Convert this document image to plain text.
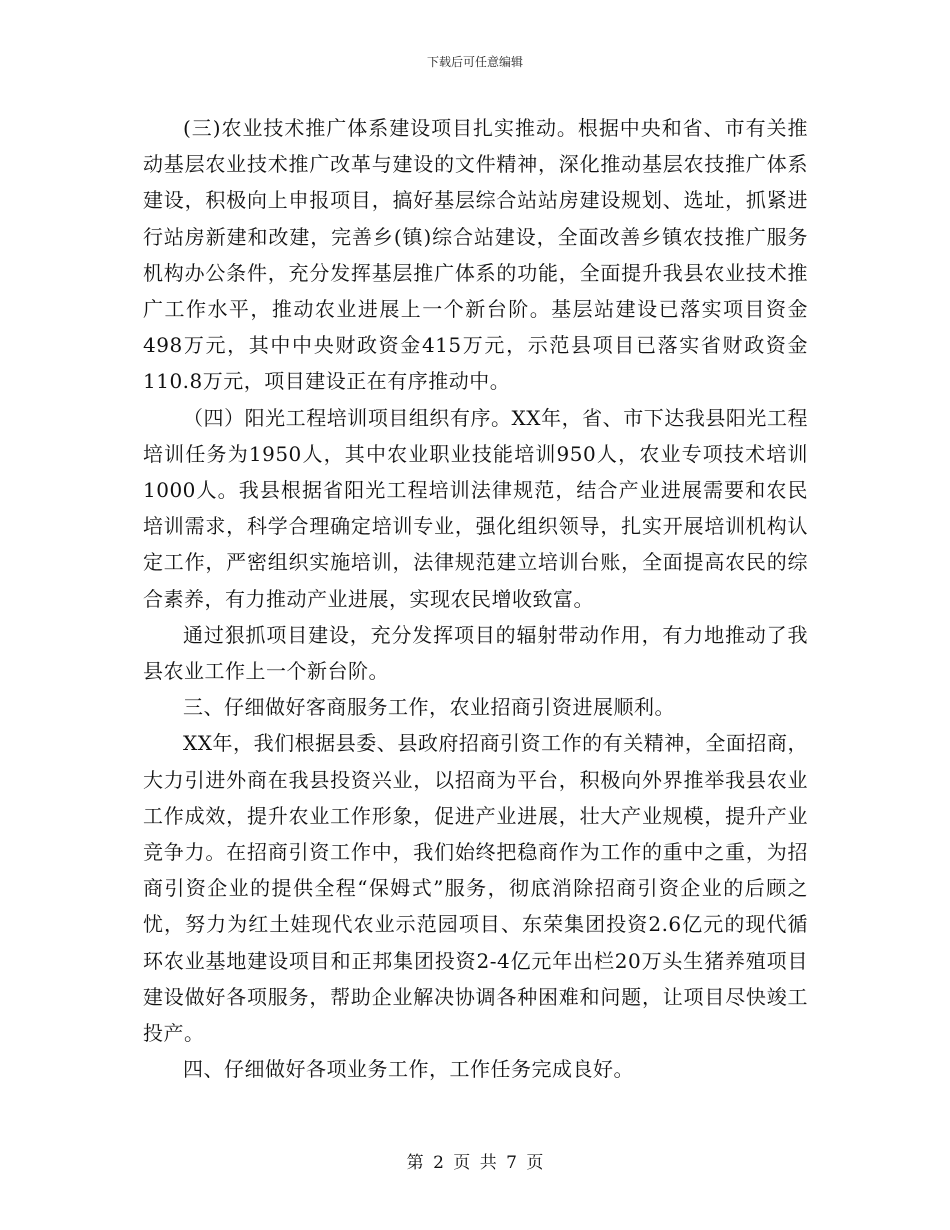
下载后可任意编辑

(三)农业技术推广体系建设项目扎实推动。根据中央和省、市有关推动基层农业技术推广改革与建设的文件精神，深化推动基层农技推广体系建设，积极向上申报项目，搞好基层综合站站房建设规划、选址，抓紧进行站房新建和改建，完善乡(镇)综合站建设，全面改善乡镇农技推广服务机构办公条件，充分发挥基层推广体系的功能，全面提升我县农业技术推广工作水平，推动农业进展上一个新台阶。基层站建设已落实项目资金498万元，其中中央财政资金415万元，示范县项目已落实省财政资金110.8万元，项目建设正在有序推动中。

（四）阳光工程培训项目组织有序。XX年，省、市下达我县阳光工程培训任务为1950人，其中农业职业技能培训950人，农业专项技术培训1000人。我县根据省阳光工程培训法律规范，结合产业进展需要和农民培训需求，科学合理确定培训专业，强化组织领导，扎实开展培训机构认定工作，严密组织实施培训，法律规范建立培训台账，全面提高农民的综合素养，有力推动产业进展，实现农民增收致富。

通过狠抓项目建设，充分发挥项目的辐射带动作用，有力地推动了我县农业工作上一个新台阶。

三、仔细做好客商服务工作，农业招商引资进展顺利。

XX年，我们根据县委、县政府招商引资工作的有关精神，全面招商，大力引进外商在我县投资兴业，以招商为平台，积极向外界推举我县农业工作成效，提升农业工作形象，促进产业进展，壮大产业规模，提升产业竞争力。在招商引资工作中，我们始终把稳商作为工作的重中之重，为招商引资企业的提供全程“保姆式”服务，彻底消除招商引资企业的后顾之忧，努力为红土娃现代农业示范园项目、东荣集团投资2.6亿元的现代循环农业基地建设项目和正邦集团投资2-4亿元年出栏20万头生猪养殖项目建设做好各项服务，帮助企业解决协调各种困难和问题，让项目尽快竣工投产。

四、仔细做好各项业务工作，工作任务完成良好。

第 2 页 共 7 页
